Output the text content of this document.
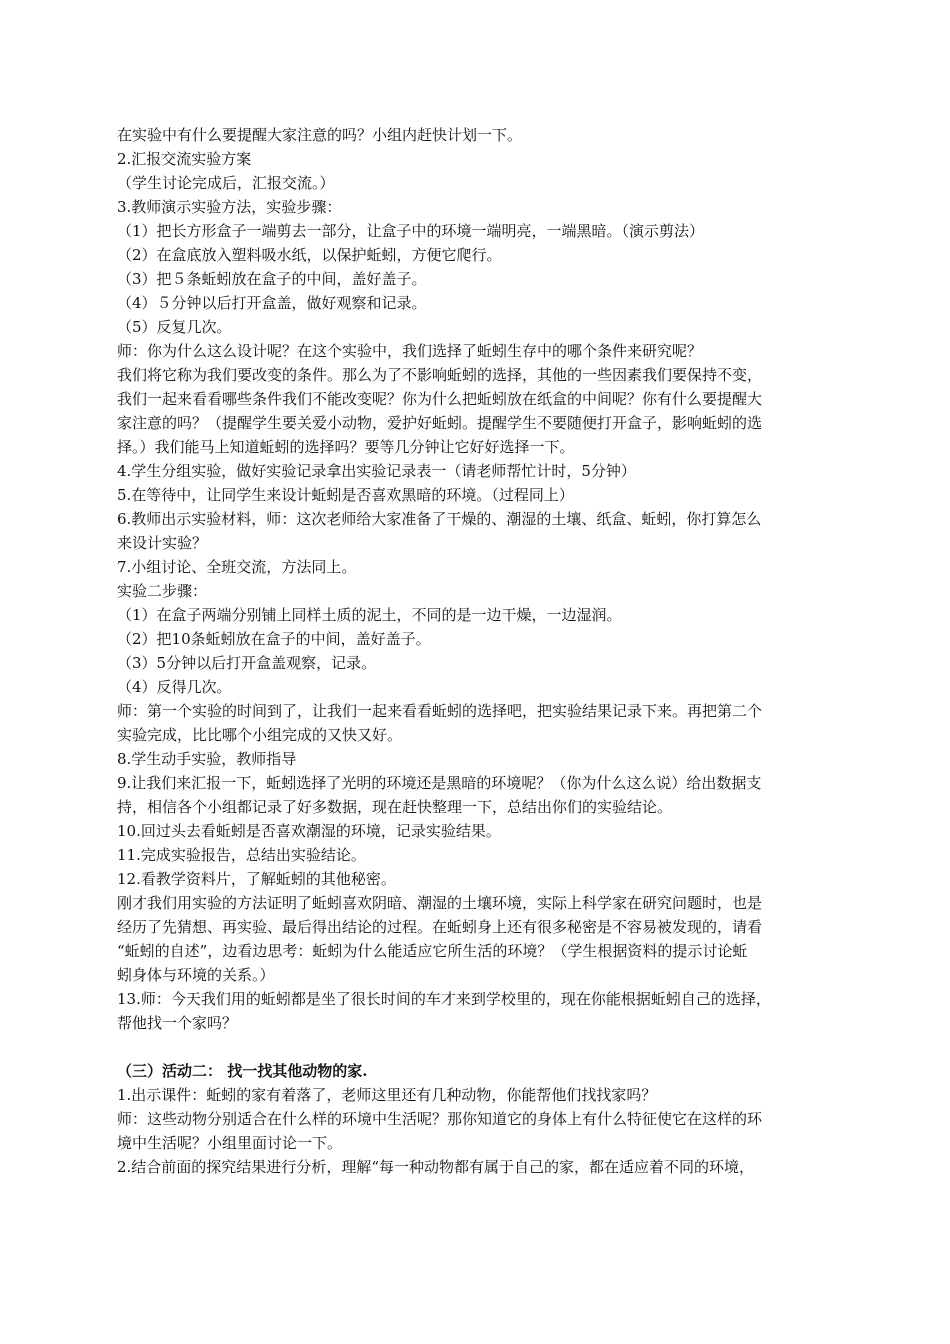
在实验中有什么要提醒大家注意的吗？小组内赶快计划一下。
2.汇报交流实验方案
（学生讨论完成后，汇报交流。）
3.教师演示实验方法，实验步骤：
（1）把长方形盒子一端剪去一部分，让盒子中的环境一端明亮，一端黑暗。（演示剪法）
（2）在盒底放入塑料吸水纸，以保护蚯蚓，方便它爬行。
（3）把５条蚯蚓放在盒子的中间，盖好盖子。
（4）５分钟以后打开盒盖，做好观察和记录。
（5）反复几次。
师：你为什么这么设计呢？在这个实验中，我们选择了蚯蚓生存中的哪个条件来研究呢？
我们将它称为我们要改变的条件。那么为了不影响蚯蚓的选择，其他的一些因素我们要保持不变，
我们一起来看看哪些条件我们不能改变呢？你为什么把蚯蚓放在纸盒的中间呢？你有什么要提醒大
家注意的吗？（提醒学生要关爱小动物，爱护好蚯蚓。提醒学生不要随便打开盒子，影响蚯蚓的选
择。）我们能马上知道蚯蚓的选择吗？要等几分钟让它好好选择一下。
4.学生分组实验，做好实验记录拿出实验记录表一（请老师帮忙计时，5分钟）
5.在等待中，让同学生来设计蚯蚓是否喜欢黑暗的环境。（过程同上）
6.教师出示实验材料，师：这次老师给大家准备了干燥的、潮湿的土壤、纸盒、蚯蚓，你打算怎么
来设计实验？
7.小组讨论、全班交流，方法同上。
实验二步骤：
（1）在盒子两端分别铺上同样土质的泥土，不同的是一边干燥，一边湿润。
（2）把10条蚯蚓放在盒子的中间，盖好盖子。
（3）5分钟以后打开盒盖观察，记录。
（4）反得几次。
师：第一个实验的时间到了，让我们一起来看看蚯蚓的选择吧，把实验结果记录下来。再把第二个
实验完成，比比哪个小组完成的又快又好。
8.学生动手实验，教师指导
9.让我们来汇报一下，蚯蚓选择了光明的环境还是黑暗的环境呢？（你为什么这么说）给出数据支
持，相信各个小组都记录了好多数据，现在赶快整理一下，总结出你们的实验结论。
10.回过头去看蚯蚓是否喜欢潮湿的环境，记录实验结果。
11.完成实验报告，总结出实验结论。
12.看教学资料片，了解蚯蚓的其他秘密。
刚才我们用实验的方法证明了蚯蚓喜欢阴暗、潮湿的土壤环境，实际上科学家在研究问题时，也是
经历了先猜想、再实验、最后得出结论的过程。在蚯蚓身上还有很多秘密是不容易被发现的，请看
“蚯蚓的自述”，边看边思考：蚯蚓为什么能适应它所生活的环境？（学生根据资料的提示讨论蚯
蚓身体与环境的关系。）
13.师：今天我们用的蚯蚓都是坐了很长时间的车才来到学校里的，现在你能根据蚯蚓自己的选择，
帮他找一个家吗？
（三）活动二： 找一找其他动物的家.
1.出示课件：蚯蚓的家有着落了，老师这里还有几种动物，你能帮他们找找家吗？
师：这些动物分别适合在什么样的环境中生活呢？那你知道它的身体上有什么特征使它在这样的环
境中生活呢？小组里面讨论一下。
2.结合前面的探究结果进行分析，理解“每一种动物都有属于自己的家，都在适应着不同的环境，
